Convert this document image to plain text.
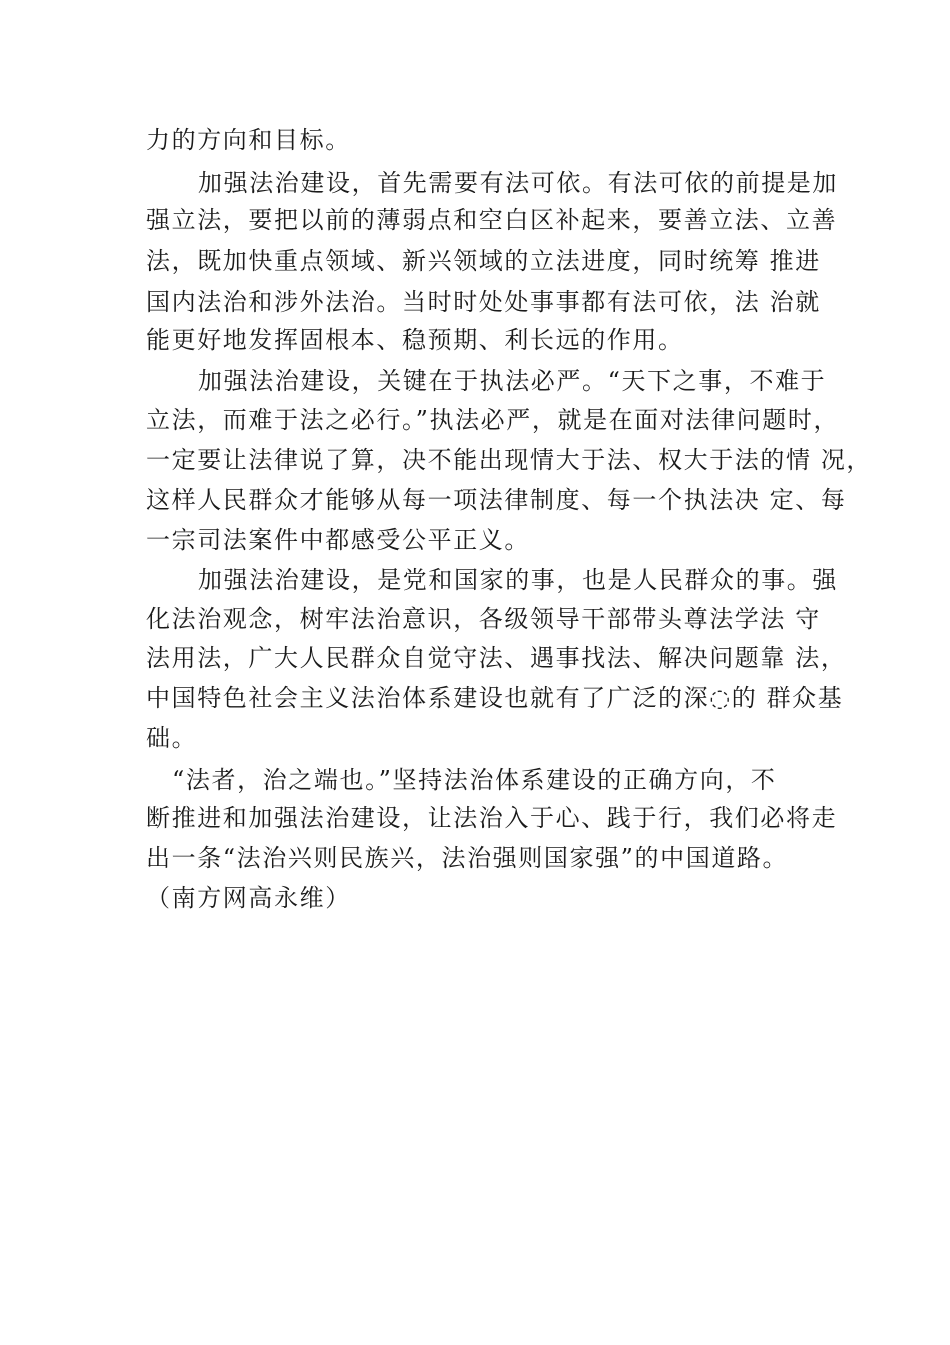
力的方向和目标。
加强法治建设，首先需要有法可依。有法可依的前提是加
强立法，要把以前的薄弱点和空白区补起来，要善立法、立善
法，既加快重点领域、新兴领域的立法进度，同时统筹 推进
国内法治和涉外法治。当时时处处事事都有法可依，法 治就
能更好地发挥固根本、稳预期、利长远的作用。
加强法治建设，关键在于执法必严。“天下之事，不难于
立法，而难于法之必行。”执法必严，就是在面对法律问题时，
一定要让法律说了算，决不能出现情大于法、权大于法的情 况，
这样人民群众才能够从每一项法律制度、每一个执法决 定、每
一宗司法案件中都感受公平正义。
加强法治建设，是党和国家的事，也是人民群众的事。强
化法治观念，树牢法治意识，各级领导干部带头尊法学法 守
法用法，广大人民群众自觉守法、遇事找法、解决问题靠 法，
中国特色社会主义法治体系建设也就有了广泛的深◌的 群众基
础。
“法者，治之端也。”坚持法治体系建设的正确方向，不
断推进和加强法治建设，让法治入于心、践于行，我们必将走
出一条“法治兴则民族兴，法治强则国家强”的中国道路。
（南方网高永维）
